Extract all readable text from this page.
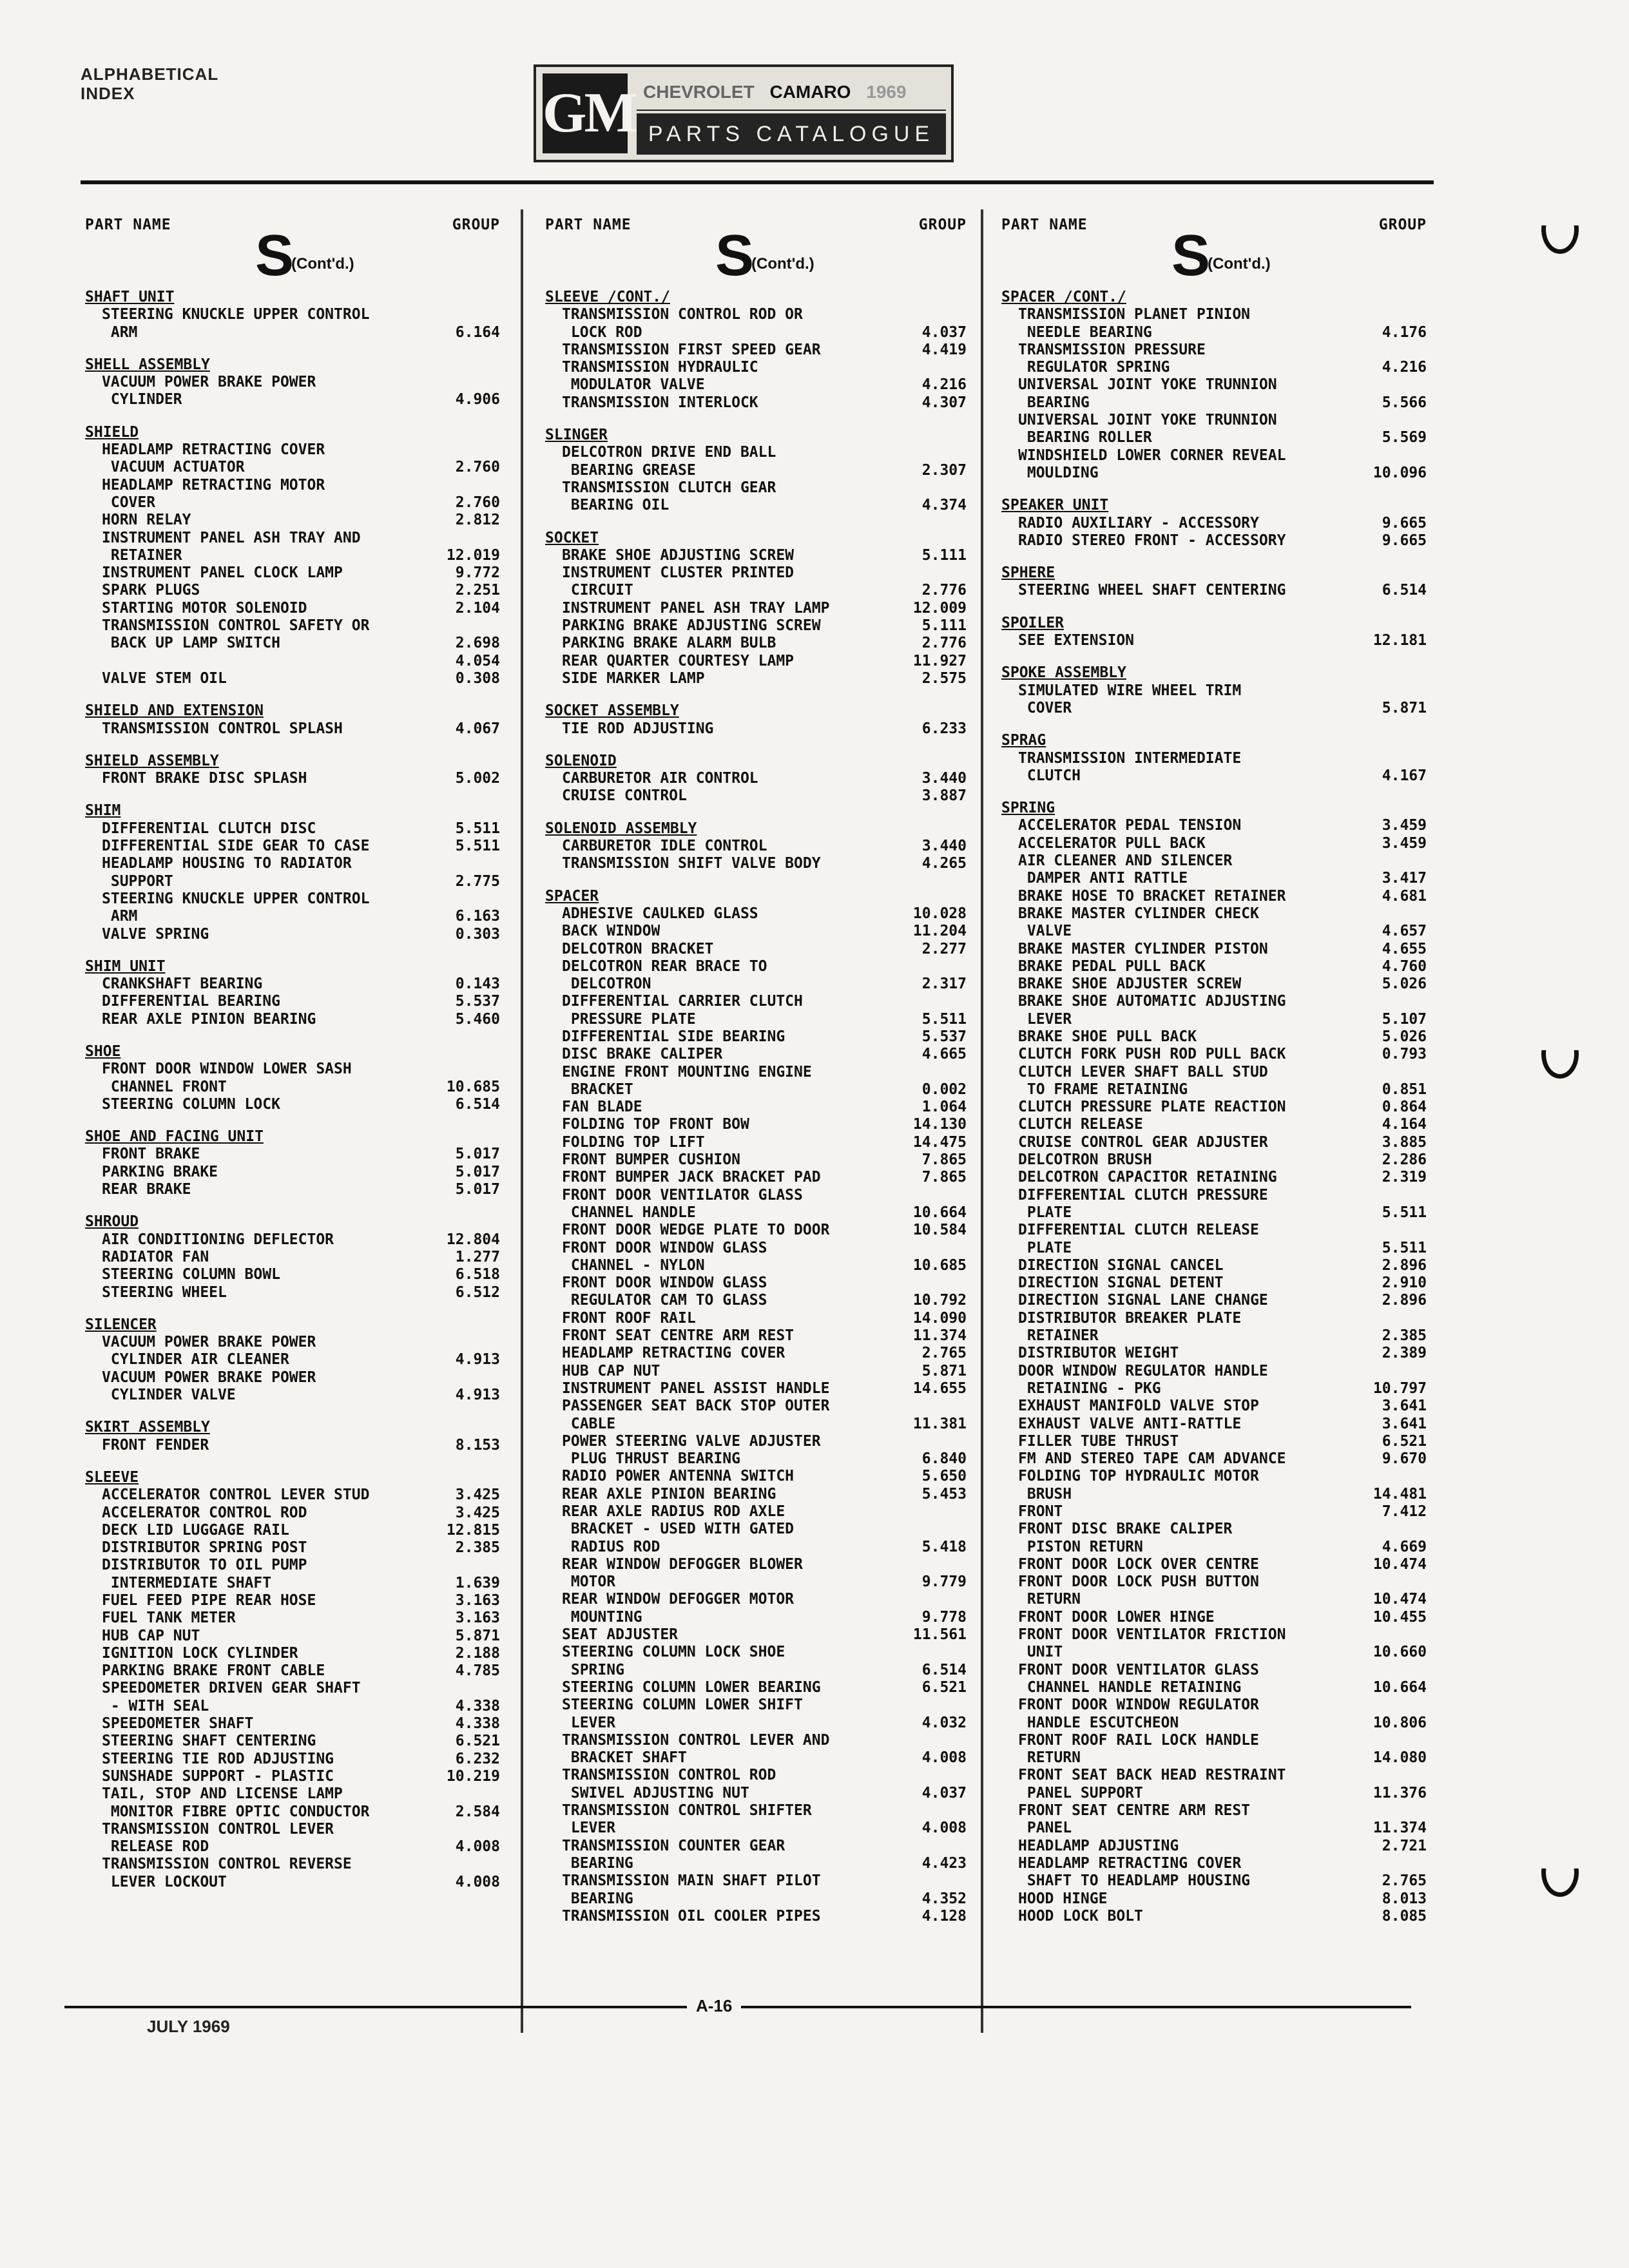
ALPHABETICAL INDEX	GM CHEVROLET CAMARO 1969
PARTS CATALOGUE
PART NAME	GROUP
S
(Cont'd.)
SHAFT UNIT
STEERING KNUCKLE UPPER CONTROL
ARM	6.164
SHELL ASSEMBLY
VACUUM POWER BRAKE POWER
CYLINDER	4.906
SHIELD
HEADLAMP RETRACTING COVER
VACUUM ACTUATOR	2.760
HEADLAMP RETRACTING MOTOR
COVER	2.760
HORN RELAY	2.812
INSTRUMENT PANEL ASH TRAY AND
RETAINER	12.019
INSTRUMENT PANEL CLOCK LAMP	9.772
SPARK PLUGS	2.251
STARTING MOTOR SOLENOID	2.104
TRANSMISSION CONTROL SAFETY OR
BACK UP LAMP SWITCH	2.698
4.054
VALVE STEM OIL	0.308
SHIELD AND EXTENSION
TRANSMISSION CONTROL SPLASH	4.067
SHIELD ASSEMBLY
FRONT BRAKE DISC SPLASH	5.002
SHIM
DIFFERENTIAL CLUTCH DISC	5.511
DIFFERENTIAL SIDE GEAR TO CASE	5.511
HEADLAMP HOUSING TO RADIATOR
SUPPORT	2.775
STEERING KNUCKLE UPPER CONTROL
ARM	6.163
VALVE SPRING	0.303
SHIM UNIT
CRANKSHAFT BEARING	0.143
DIFFERENTIAL BEARING	5.537
REAR AXLE PINION BEARING	5.460
SHOE
FRONT DOOR WINDOW LOWER SASH
CHANNEL FRONT	10.685
STEERING COLUMN LOCK	6.514
SHOE AND FACING UNIT
FRONT BRAKE	5.017
PARKING BRAKE	5.017
REAR BRAKE	5.017
SHROUD
AIR CONDITIONING DEFLECTOR	12.804
RADIATOR FAN	1.277
STEERING COLUMN BOWL	6.518
STEERING WHEEL	6.512
SILENCER
VACUUM POWER BRAKE POWER
CYLINDER AIR CLEANER	4.913
VACUUM POWER BRAKE POWER
CYLINDER VALVE	4.913
SKIRT ASSEMBLY
FRONT FENDER	8.153
SLEEVE
ACCELERATOR CONTROL LEVER STUD	3.425
ACCELERATOR CONTROL ROD	3.425
DECK LID LUGGAGE RAIL	12.815
DISTRIBUTOR SPRING POST	2.385
DISTRIBUTOR TO OIL PUMP
INTERMEDIATE SHAFT	1.639
FUEL FEED PIPE REAR HOSE	3.163
FUEL TANK METER	3.163
HUB CAP NUT	5.871
IGNITION LOCK CYLINDER	2.188
PARKING BRAKE FRONT CABLE	4.785
SPEEDOMETER DRIVEN GEAR SHAFT
- WITH SEAL	4.338
SPEEDOMETER SHAFT	4.338
STEERING SHAFT CENTERING	6.521
STEERING TIE ROD ADJUSTING	6.232
SUNSHADE SUPPORT - PLASTIC	10.219
TAIL, STOP AND LICENSE LAMP
MONITOR FIBRE OPTIC CONDUCTOR	2.584
TRANSMISSION CONTROL LEVER
RELEASE ROD	4.008
TRANSMISSION CONTROL REVERSE
LEVER LOCKOUT	4.008
PART NAME	GROUP
S
(Cont'd.)
SLEEVE /CONT./
TRANSMISSION CONTROL ROD OR
LOCK ROD	4.037
TRANSMISSION FIRST SPEED GEAR	4.419
TRANSMISSION HYDRAULIC
MODULATOR VALVE	4.216
TRANSMISSION INTERLOCK	4.307
SLINGER
DELCOTRON DRIVE END BALL
BEARING GREASE	2.307
TRANSMISSION CLUTCH GEAR
BEARING OIL	4.374
SOCKET
BRAKE SHOE ADJUSTING SCREW	5.111
INSTRUMENT CLUSTER PRINTED
CIRCUIT	2.776
INSTRUMENT PANEL ASH TRAY LAMP	12.009
PARKING BRAKE ADJUSTING SCREW	5.111
PARKING BRAKE ALARM BULB	2.776
REAR QUARTER COURTESY LAMP	11.927
SIDE MARKER LAMP	2.575
SOCKET ASSEMBLY
TIE ROD ADJUSTING	6.233
SOLENOID
CARBURETOR AIR CONTROL	3.440
CRUISE CONTROL	3.887
SOLENOID ASSEMBLY
CARBURETOR IDLE CONTROL	3.440
TRANSMISSION SHIFT VALVE BODY	4.265
SPACER
ADHESIVE CAULKED GLASS	10.028
BACK WINDOW	11.204
DELCOTRON BRACKET	2.277
DELCOTRON REAR BRACE TO
DELCOTRON	2.317
DIFFERENTIAL CARRIER CLUTCH
PRESSURE PLATE	5.511
DIFFERENTIAL SIDE BEARING	5.537
DISC BRAKE CALIPER	4.665
ENGINE FRONT MOUNTING ENGINE
BRACKET	0.002
FAN BLADE	1.064
FOLDING TOP FRONT BOW	14.130
FOLDING TOP LIFT	14.475
FRONT BUMPER CUSHION	7.865
FRONT BUMPER JACK BRACKET PAD	7.865
FRONT DOOR VENTILATOR GLASS
CHANNEL HANDLE	10.664
FRONT DOOR WEDGE PLATE TO DOOR	10.584
FRONT DOOR WINDOW GLASS
CHANNEL - NYLON	10.685
FRONT DOOR WINDOW GLASS
REGULATOR CAM TO GLASS	10.792
FRONT ROOF RAIL	14.090
FRONT SEAT CENTRE ARM REST	11.374
HEADLAMP RETRACTING COVER	2.765
HUB CAP NUT	5.871
INSTRUMENT PANEL ASSIST HANDLE	14.655
PASSENGER SEAT BACK STOP OUTER
CABLE	11.381
POWER STEERING VALVE ADJUSTER
PLUG THRUST BEARING	6.840
RADIO POWER ANTENNA SWITCH	5.650
REAR AXLE PINION BEARING	5.453
REAR AXLE RADIUS ROD AXLE
BRACKET - USED WITH GATED
RADIUS ROD	5.418
REAR WINDOW DEFOGGER BLOWER
MOTOR	9.779
REAR WINDOW DEFOGGER MOTOR
MOUNTING	9.778
SEAT ADJUSTER	11.561
STEERING COLUMN LOCK SHOE
SPRING	6.514
STEERING COLUMN LOWER BEARING	6.521
STEERING COLUMN LOWER SHIFT
LEVER	4.032
TRANSMISSION CONTROL LEVER AND
BRACKET SHAFT	4.008
TRANSMISSION CONTROL ROD
SWIVEL ADJUSTING NUT	4.037
TRANSMISSION CONTROL SHIFTER
LEVER	4.008
TRANSMISSION COUNTER GEAR
BEARING	4.423
TRANSMISSION MAIN SHAFT PILOT
BEARING	4.352
TRANSMISSION OIL COOLER PIPES	4.128
PART NAME	GROUP
S
(Cont'd.)
SPACER /CONT./
TRANSMISSION PLANET PINION
NEEDLE BEARING	4.176
TRANSMISSION PRESSURE
REGULATOR SPRING	4.216
UNIVERSAL JOINT YOKE TRUNNION
BEARING	5.566
UNIVERSAL JOINT YOKE TRUNNION
BEARING ROLLER	5.569
WINDSHIELD LOWER CORNER REVEAL
MOULDING	10.096
SPEAKER UNIT
RADIO AUXILIARY - ACCESSORY	9.665
RADIO STEREO FRONT - ACCESSORY	9.665
SPHERE
STEERING WHEEL SHAFT CENTERING	6.514
SPOILER
SEE EXTENSION	12.181
SPOKE ASSEMBLY
SIMULATED WIRE WHEEL TRIM
COVER	5.871
SPRAG
TRANSMISSION INTERMEDIATE
CLUTCH	4.167
SPRING
ACCELERATOR PEDAL TENSION	3.459
ACCELERATOR PULL BACK	3.459
AIR CLEANER AND SILENCER
DAMPER ANTI RATTLE	3.417
BRAKE HOSE TO BRACKET RETAINER	4.681
BRAKE MASTER CYLINDER CHECK
VALVE	4.657
BRAKE MASTER CYLINDER PISTON	4.655
BRAKE PEDAL PULL BACK	4.760
BRAKE SHOE ADJUSTER SCREW	5.026
BRAKE SHOE AUTOMATIC ADJUSTING
LEVER	5.107
BRAKE SHOE PULL BACK	5.026
CLUTCH FORK PUSH ROD PULL BACK	0.793
CLUTCH LEVER SHAFT BALL STUD
TO FRAME RETAINING	0.851
CLUTCH PRESSURE PLATE REACTION	0.864
CLUTCH RELEASE	4.164
CRUISE CONTROL GEAR ADJUSTER	3.885
DELCOTRON BRUSH	2.286
DELCOTRON CAPACITOR RETAINING	2.319
DIFFERENTIAL CLUTCH PRESSURE
PLATE	5.511
DIFFERENTIAL CLUTCH RELEASE
PLATE	5.511
DIRECTION SIGNAL CANCEL	2.896
DIRECTION SIGNAL DETENT	2.910
DIRECTION SIGNAL LANE CHANGE	2.896
DISTRIBUTOR BREAKER PLATE
RETAINER	2.385
DISTRIBUTOR WEIGHT	2.389
DOOR WINDOW REGULATOR HANDLE
RETAINING - PKG	10.797
EXHAUST MANIFOLD VALVE STOP	3.641
EXHAUST VALVE ANTI-RATTLE	3.641
FILLER TUBE THRUST	6.521
FM AND STEREO TAPE CAM ADVANCE	9.670
FOLDING TOP HYDRAULIC MOTOR
BRUSH	14.481
FRONT	7.412
FRONT DISC BRAKE CALIPER
PISTON RETURN	4.669
FRONT DOOR LOCK OVER CENTRE	10.474
FRONT DOOR LOCK PUSH BUTTON
RETURN	10.474
FRONT DOOR LOWER HINGE	10.455
FRONT DOOR VENTILATOR FRICTION
UNIT	10.660
FRONT DOOR VENTILATOR GLASS
CHANNEL HANDLE RETAINING	10.664
FRONT DOOR WINDOW REGULATOR
HANDLE ESCUTCHEON	10.806
FRONT ROOF RAIL LOCK HANDLE
RETURN	14.080
FRONT SEAT BACK HEAD RESTRAINT
PANEL SUPPORT	11.376
FRONT SEAT CENTRE ARM REST
PANEL	11.374
HEADLAMP ADJUSTING	2.721
HEADLAMP RETRACTING COVER
SHAFT TO HEADLAMP HOUSING	2.765
HOOD HINGE	8.013
HOOD LOCK BOLT	8.085
JULY 1969
A-16
